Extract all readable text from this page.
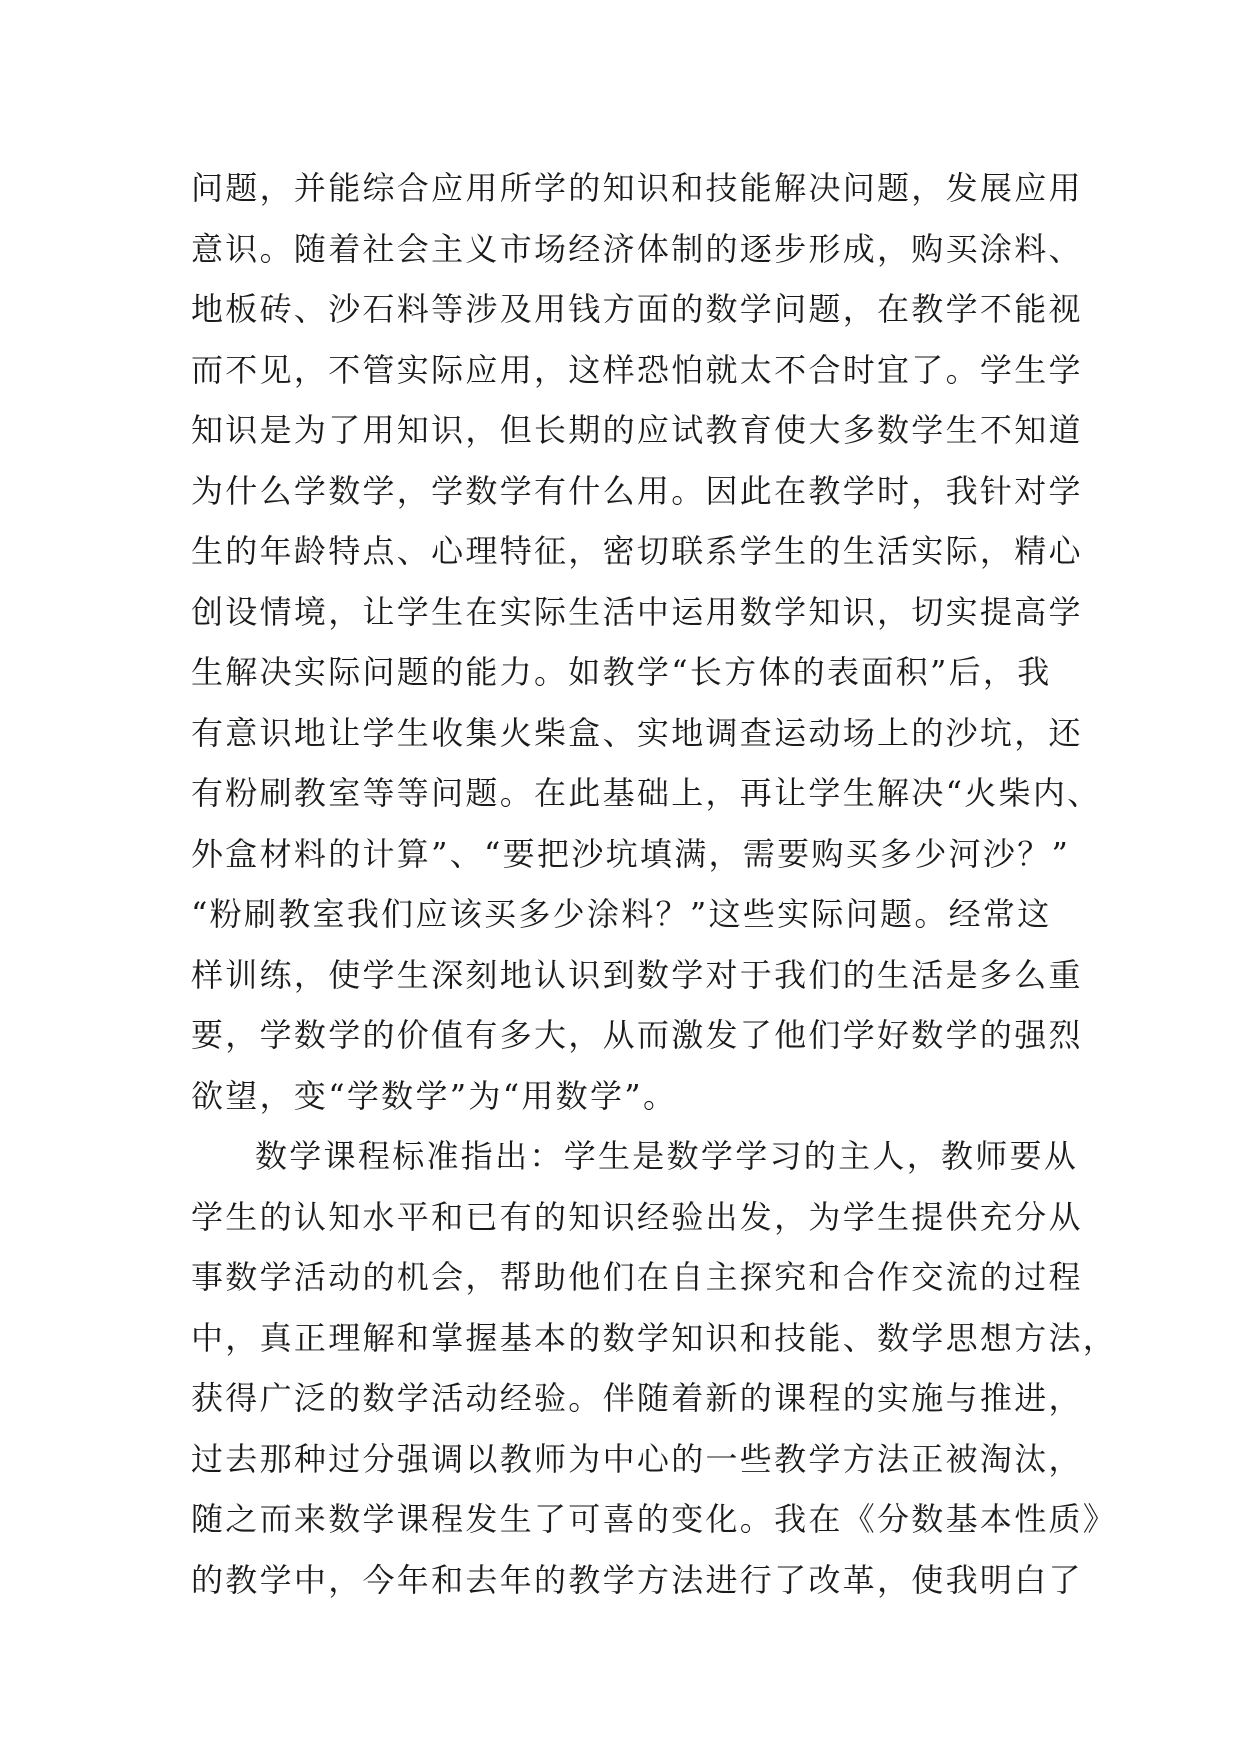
问题，并能综合应用所学的知识和技能解决问题，发展应用
意识。随着社会主义市场经济体制的逐步形成，购买涂料、
地板砖、沙石料等涉及用钱方面的数学问题，在教学不能视
而不见，不管实际应用，这样恐怕就太不合时宜了。学生学
知识是为了用知识，但长期的应试教育使大多数学生不知道
为什么学数学，学数学有什么用。因此在教学时，我针对学
生的年龄特点、心理特征，密切联系学生的生活实际，精心
创设情境，让学生在实际生活中运用数学知识，切实提高学
生解决实际问题的能力。如教学“长方体的表面积”后，我
有意识地让学生收集火柴盒、实地调查运动场上的沙坑，还
有粉刷教室等等问题。在此基础上，再让学生解决“火柴内、
外盒材料的计算”、“要把沙坑填满，需要购买多少河沙？”
“粉刷教室我们应该买多少涂料？”这些实际问题。经常这
样训练，使学生深刻地认识到数学对于我们的生活是多么重
要，学数学的价值有多大，从而激发了他们学好数学的强烈
欲望，变“学数学”为“用数学”。
数学课程标准指出：学生是数学学习的主人，教师要从
学生的认知水平和已有的知识经验出发，为学生提供充分从
事数学活动的机会，帮助他们在自主探究和合作交流的过程
中，真正理解和掌握基本的数学知识和技能、数学思想方法，
获得广泛的数学活动经验。伴随着新的课程的实施与推进，
过去那种过分强调以教师为中心的一些教学方法正被淘汰，
随之而来数学课程发生了可喜的变化。我在《分数基本性质》
的教学中，今年和去年的教学方法进行了改革，使我明白了
